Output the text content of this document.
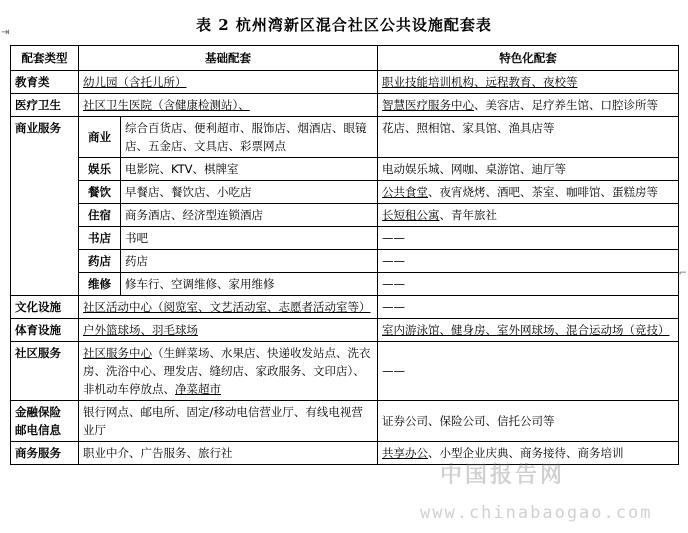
表 2 杭州湾新区混合社区公共设施配套表
⇥
⌐
配套类型	基础配套		特色化配套
教育类	幼儿园（含托儿所）		职业技能培训机构、远程教育、夜校等
医疗卫生	社区卫生医院（含健康检测站）、		智慧医疗服务中心、美容店、足疗养生馆、口腔诊所等
商业服务	商业	综合百货店、便利超市、服饰店、烟酒店、眼镜店、五金店、文具店、彩票网点	花店、照相馆、家具馆、渔具店等
	娱乐	电影院、KTV、棋牌室	电动娱乐城、网咖、桌游馆、迪厅等
	餐饮	早餐店、餐饮店、小吃店	公共食堂、夜宵烧烤、酒吧、茶室、咖啡馆、蛋糕房等
	住宿	商务酒店、经济型连锁酒店	长短租公寓、青年旅社
	书店	书吧	——
	药店	药店	——
	维修	修车行、空调维修、家用维修	——
文化设施	社区活动中心（阅览室、文艺活动室、志愿者活动室等）		——
体育设施	户外篮球场、羽毛球场		室内游泳馆、健身房、室外网球场、混合运动场（竞技）
社区服务	社区服务中心（生鲜菜场、水果店、快递收发站点、洗衣房、洗浴中心、理发店、缝纫店、家政服务、文印店）、非机动车停放点、净菜超市		——

金融保险
邮电信息	银行网点、邮电所、固定/移动电信营业厅、有线电视营业厅		证券公司、保险公司、信托公司等
商务服务	职业中介、广告服务、旅行社		共享办公、小型企业庆典、商务接待、商务培训
中国报告网
www.chinabaogao.com
